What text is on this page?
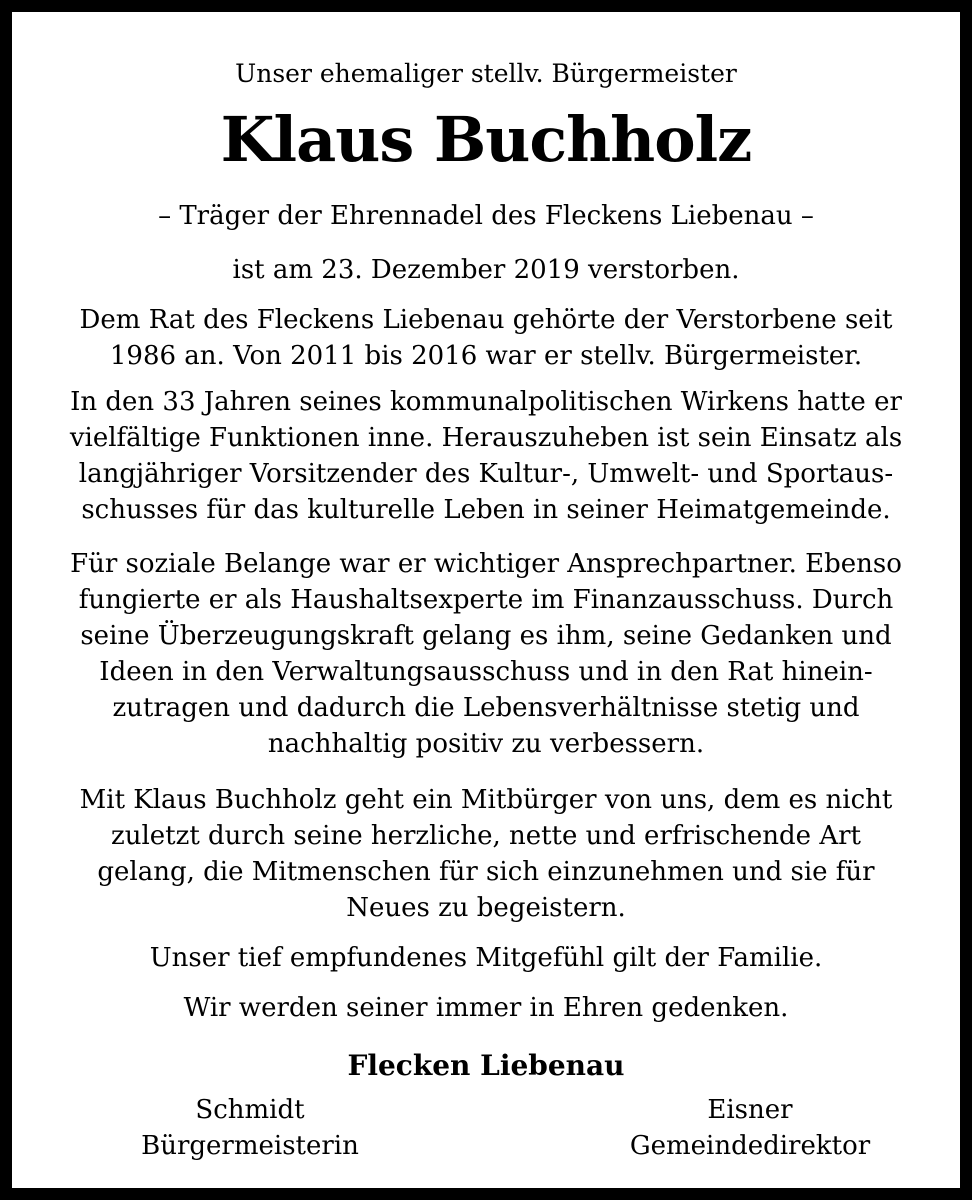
Unser ehemaliger stellv. Bürgermeister

Klaus Buchholz

– Träger der Ehrennadel des Fleckens Liebenau –

ist am 23. Dezember 2019 verstorben.

Dem Rat des Fleckens Liebenau gehörte der Verstorbene seit
1986 an. Von 2011 bis 2016 war er stellv. Bürgermeister.
In den 33 Jahren seines kommunalpolitischen Wirkens hatte er
vielfältige Funktionen inne. Herauszuheben ist sein Einsatz als
langjähriger Vorsitzender des Kultur-, Umwelt- und Sportaus-
schusses für das kulturelle Leben in seiner Heimatgemeinde.
Für soziale Belange war er wichtiger Ansprechpartner. Ebenso
fungierte er als Haushaltsexperte im Finanzausschuss. Durch
seine Überzeugungskraft gelang es ihm, seine Gedanken und
Ideen in den Verwaltungsausschuss und in den Rat hinein-
zutragen und dadurch die Lebensverhältnisse stetig und
nachhaltig positiv zu verbessern.
Mit Klaus Buchholz geht ein Mitbürger von uns, dem es nicht
zuletzt durch seine herzliche, nette und erfrischende Art
gelang, die Mitmenschen für sich einzunehmen und sie für
Neues zu begeistern.
Unser tief empfundenes Mitgefühl gilt der Familie.
Wir werden seiner immer in Ehren gedenken.
Flecken Liebenau
Schmidt
Bürgermeisterin
Eisner
Gemeindedirektor
